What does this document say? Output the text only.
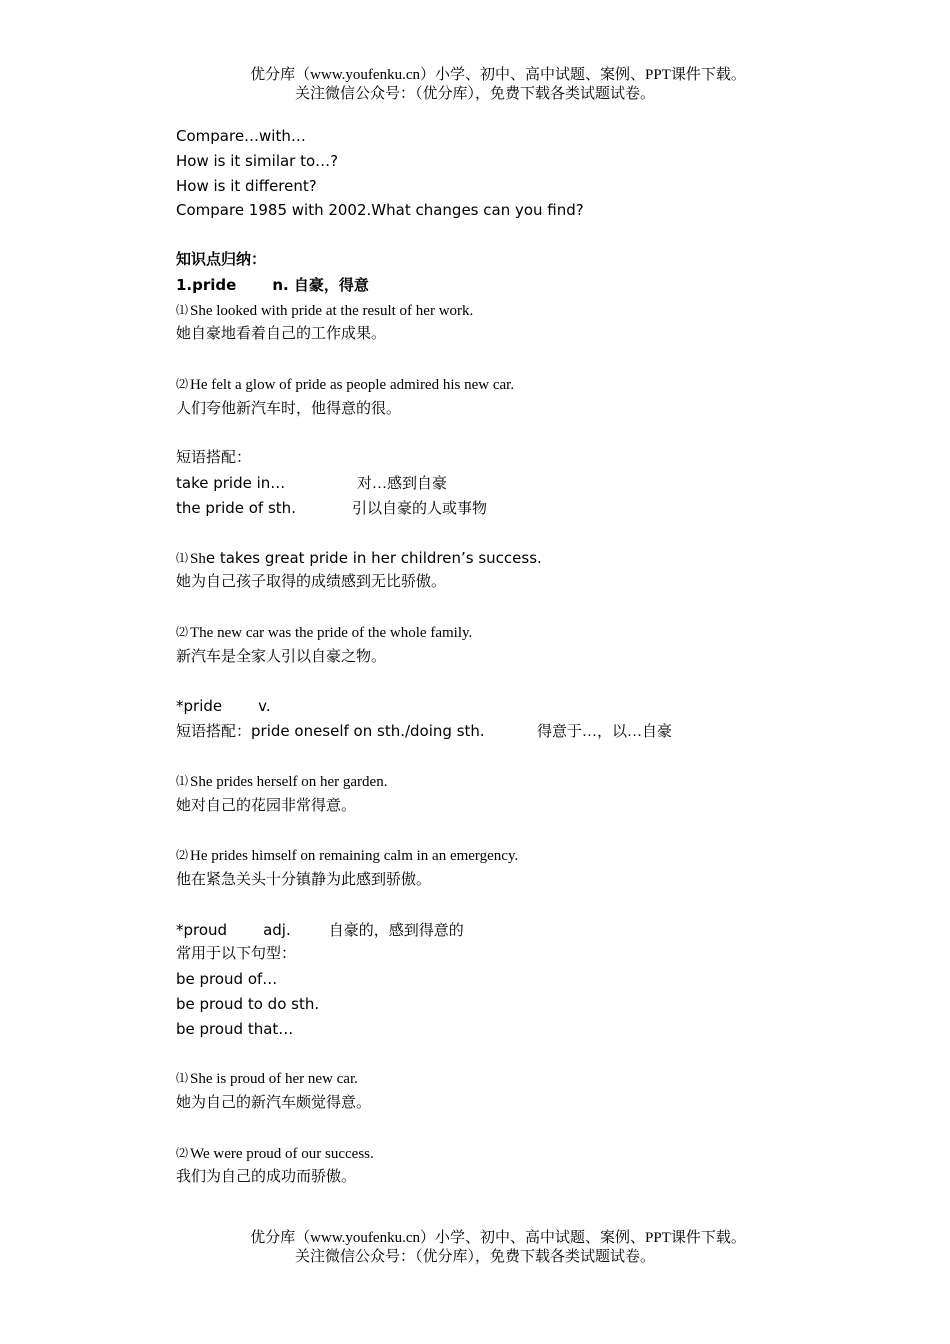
优分库（www.youfenku.cn）小学、初中、高中试题、案例、PPT课件下载。
关注微信公众号：（优分库），免费下载各类试题试卷。
Compare…with…
How is it similar to…?
How is it different?
Compare 1985 with 2002.What changes can you find?
知识点归纳：
1.pride n. 自豪，得意
⑴ She looked with pride at the result of her work.
她自豪地看着自己的工作成果。
⑵ He felt a glow of pride as people admired his new car.
人们夸他新汽车时，他得意的很。
短语搭配：
take pride in…	对…感到自豪
the pride of sth.	引以自豪的人或事物
⑴ She takes great pride in her children’s success.
她为自己孩子取得的成绩感到无比骄傲。
⑵ The new car was the pride of the whole family.
新汽车是全家人引以自豪之物。
*pride v.
短语搭配：pride oneself on sth./doing sth.	得意于…，以…自豪
⑴ She prides herself on her garden.
她对自己的花园非常得意。
⑵ He prides himself on remaining calm in an emergency.
他在紧急关头十分镇静为此感到骄傲。
*proud adj.	自豪的，感到得意的
常用于以下句型：
be proud of…
be proud to do sth.
be proud that…
⑴ She is proud of her new car.
她为自己的新汽车颇觉得意。
⑵ We were proud of our success.
我们为自己的成功而骄傲。
优分库（www.youfenku.cn）小学、初中、高中试题、案例、PPT课件下载。
关注微信公众号：（优分库），免费下载各类试题试卷。
